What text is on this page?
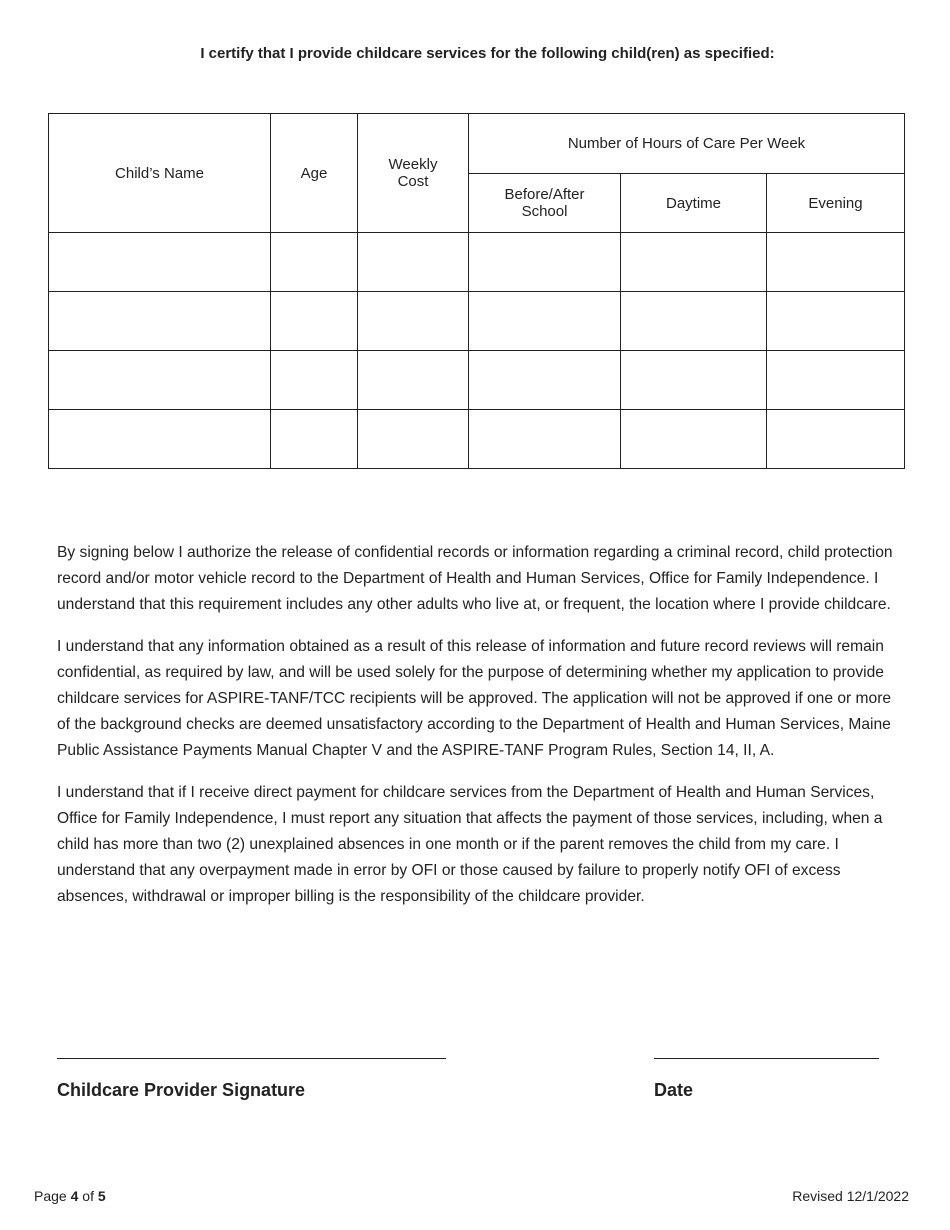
I certify that I provide childcare services for the following child(ren) as specified:
Child’s Name	Age	Weekly Cost	Number of Hours of Care Per Week		

			Before/After School	Daytime	Evening

By signing below I authorize the release of confidential records or information regarding a criminal record, child protection record and/or motor vehicle record to the Department of Health and Human Services, Office for Family Independence. I understand that this requirement includes any other adults who live at, or frequent, the location where I provide childcare.

I understand that any information obtained as a result of this release of information and future record reviews will remain confidential, as required by law, and will be used solely for the purpose of determining whether my application to provide childcare services for ASPIRE-TANF/TCC recipients will be approved. The application will not be approved if one or more of the background checks are deemed unsatisfactory according to the Department of Health and Human Services, Maine Public Assistance Payments Manual Chapter V and the ASPIRE-TANF Program Rules, Section 14, II, A.

I understand that if I receive direct payment for childcare services from the Department of Health and Human Services, Office for Family Independence, I must report any situation that affects the payment of those services, including, when a child has more than two (2) unexplained absences in one month or if the parent removes the child from my care. I understand that any overpayment made in error by OFI or those caused by failure to properly notify OFI of excess absences, withdrawal or improper billing is the responsibility of the childcare provider.

Childcare Provider Signature	Date
Page 4 of 5	Revised 12/1/2022
